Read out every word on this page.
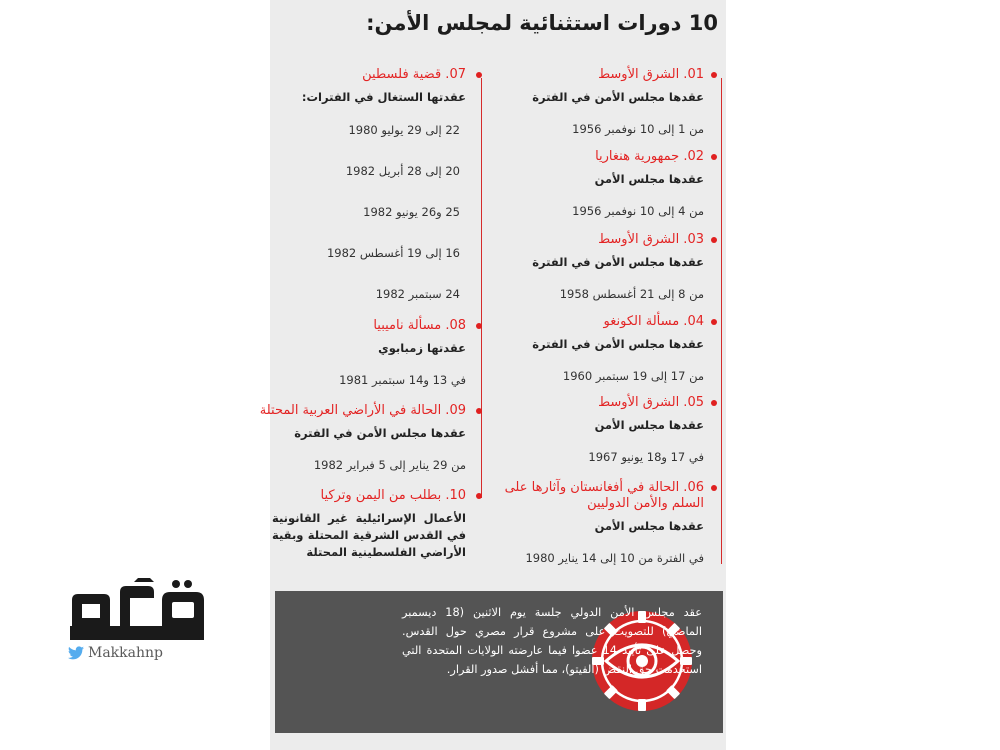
10 دورات استثنائية لمجلس الأمن:
01. الشرق الأوسط
عقدها مجلس الأمن في الفترة
من 1 إلى 10 نوفمبر 1956
02. جمهورية هنغاريا
عقدها مجلس الأمن
من 4 إلى 10 نوفمبر 1956
03. الشرق الأوسط
عقدها مجلس الأمن في الفترة
من 8 إلى 21 أغسطس 1958
04. مسألة الكونغو
عقدها مجلس الأمن في الفترة
من 17 إلى 19 سبتمبر 1960
05. الشرق الأوسط
عقدها مجلس الأمن
في 17 و18 يونيو 1967
06. الحالة في أفغانستان وآثارها على السلم والأمن الدوليين
عقدها مجلس الأمن
في الفترة من 10 إلى 14 يناير 1980
07. قضية فلسطين
عقدتها الستغال في الفترات:
22 إلى 29 يوليو 1980
20 إلى 28 أبريل 1982
25 و26 يونيو 1982
16 إلى 19 أغسطس 1982
24 سبتمبر 1982
08. مسألة ناميبيا
عقدتها زمبابوي
في 13 و14 سبتمبر 1981
09. الحالة في الأراضي العربية المحتلة
عقدها مجلس الأمن في الفترة
من 29 يناير إلى 5 فبراير 1982
10. بطلب من اليمن وتركيا
الأعمال الإسرائيلية غير القانونية في القدس الشرقية المحتلة وبقية الأراضي الفلسطينية المحتلة
عقد مجلس الأمن الدولي جلسة يوم الاثنين (18 ديسمبر الماضي) للتصويت على مشروع قرار مصري حول القدس. وحصل على تأييد 14 عضوا فيما عارضته الولايات المتحدة التي استخدمت حق النقض (الفيتو)، مما أفشل صدور القرار.
Makkahnp
